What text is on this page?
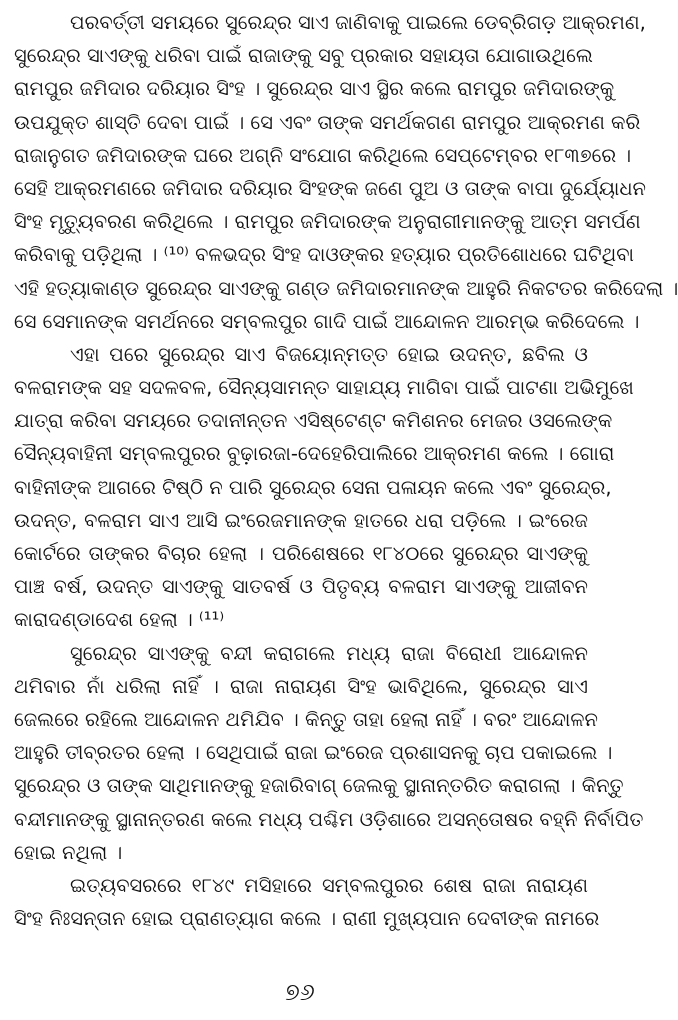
ପରବର୍ତ୍ତୀ ସମୟରେ ସୁରେନ୍ଦ୍ର ସାଏ ଜାଣିବାକୁ ପାଇଲେ ଡେବ୍ରିଗଡ଼ ଆକ୍ରମଣ,
ସୁରେନ୍ଦ୍ର ସାଏଙ୍କୁ ଧରିବା ପାଇଁ ରାଜାଙ୍କୁ ସବୁ ପ୍ରକାର ସହାୟତା ଯୋଗାଉଥିଲେ
ରାମପୁର ଜମିଦାର ଦରିୟାର ସିଂହ । ସୁରେନ୍ଦ୍ର ସାଏ ସ୍ଥିର କଲେ ରାମପୁର ଜମିଦାରଙ୍କୁ
ଉପଯୁକ୍ତ ଶାସ୍ତି ଦେବା ପାଇଁ । ସେ ଏବଂ ତାଙ୍କ ସମର୍ଥକଗଣ ରାମପୁର ଆକ୍ରମଣ କରି
ରାଜାନୁଗତ ଜମିଦାରଙ୍କ ଘରେ ଅଗ୍ନି ସଂଯୋଗ କରିଥିଲେ ସେପ୍ଟେମ୍ବର ୧୮୩୭ରେ ।
ସେହି ଆକ୍ରମଣରେ ଜମିଦାର ଦରିୟାର ସିଂହଙ୍କ ଜଣେ ପୁଅ ଓ ତାଙ୍କ ବାପା ଦୁର୍ଯ୍ୟୋଧନ
ସିଂହ ମୃତ୍ୟୁବରଣ କରିଥିଲେ । ରାମପୁର ଜମିଦାରଙ୍କ ଅନୁରାଗୀମାନଙ୍କୁ ଆତ୍ମ ସମର୍ପଣ
କରିବାକୁ ପଡ଼ିଥିଲା । ⁽¹⁰⁾ ବଳଭଦ୍ର ସିଂହ ଦାଓଙ୍କର ହତ୍ୟାର ପ୍ରତିଶୋଧରେ ଘଟିଥିବା
ଏହି ହତ୍ୟାକାଣ୍ଡ ସୁରେନ୍ଦ୍ର ସାଏଙ୍କୁ ଗଣ୍ଡ ଜମିଦାରମାନଙ୍କ ଆହୁରି ନିକଟତର କରିଦେଲା ।
ସେ ସେମାନଙ୍କ ସମର୍ଥନରେ ସମ୍ବଲପୁର ଗାଦି ପାଇଁ ଆନ୍ଦୋଳନ ଆରମ୍ଭ କରିଦେଲେ ।
ଏହା ପରେ ସୁରେନ୍ଦ୍ର ସାଏ ବିଜୟୋନ୍ମତ୍ତ ହୋଇ ଉଦନ୍ତ, ଛବିଲ ଓ
ବଳରାମଙ୍କ ସହ ସଦଳବଳ, ସୈନ୍ୟସାମନ୍ତ ସାହାଯ୍ୟ ମାଗିବା ପାଇଁ ପାଟଣା ଅଭିମୁଖେ
ଯାତ୍ରା କରିବା ସମୟରେ ତଦାନୀନ୍ତନ ଏସିଷ୍ଟେଣ୍ଟ କମିଶନର ମେଜର ଓସଲେଙ୍କ
ସୈନ୍ୟବାହିନୀ ସମ୍ବଲପୁରର ବୁଢ଼ାରଜା-ଦେହେରିପାଲିରେ ଆକ୍ରମଣ କଲେ । ଗୋରା
ବାହିନୀଙ୍କ ଆଗରେ ଟିଷ୍ଠି ନ ପାରି ସୁରେନ୍ଦ୍ର ସେନା ପଳାୟନ କଲେ ଏବଂ ସୁରେନ୍ଦ୍ର,
ଉଦନ୍ତ, ବଳରାମ ସାଏ ଆସି ଇଂରେଜମାନଙ୍କ ହାତରେ ଧରା ପଡ଼ିଲେ । ଇଂରେଜ
କୋର୍ଟରେ ତାଙ୍କର ବିଚାର ହେଲା । ପରିଶେଷରେ ୧୮୪୦ରେ ସୁରେନ୍ଦ୍ର ସାଏଙ୍କୁ
ପାଞ୍ଚ ବର୍ଷ, ଉଦନ୍ତ ସାଏଙ୍କୁ ସାତବର୍ଷ ଓ ପିତୃବ୍ୟ ବଳରାମ ସାଏଙ୍କୁ ଆଜୀବନ
କାରାଦଣ୍ଡାଦେଶ ହେଲା । ⁽¹¹⁾
ସୁରେନ୍ଦ୍ର ସାଏଙ୍କୁ ବନ୍ଦୀ କରାଗଲେ ମଧ୍ୟ ରାଜା ବିରୋଧୀ ଆନ୍ଦୋଳନ
ଥମିବାର ନାଁ ଧରିଲା ନାହିଁ । ରାଜା ନାରାୟଣ ସିଂହ ଭାବିଥିଲେ, ସୁରେନ୍ଦ୍ର ସାଏ
ଜେଲରେ ରହିଲେ ଆନ୍ଦୋଳନ ଥମିଯିବ । କିନ୍ତୁ ତାହା ହେଲା ନାହିଁ । ବରଂ ଆନ୍ଦୋଳନ
ଆହୁରି ତୀବ୍ରତର ହେଲା । ସେଥିପାଇଁ ରାଜା ଇଂରେଜ ପ୍ରଶାସନକୁ ଚାପ ପକାଇଲେ ।
ସୁରେନ୍ଦ୍ର ଓ ତାଙ୍କ ସାଥିମାନଙ୍କୁ ହଜାରିବାଗ୍ ଜେଲକୁ ସ୍ଥାନାନ୍ତରିତ କରାଗଲା । କିନ୍ତୁ
ବନ୍ଦୀମାନଙ୍କୁ ସ୍ଥାନାନ୍ତରଣ କଲେ ମଧ୍ୟ ପଶ୍ଚିମ ଓଡ଼ିଶାରେ ଅସନ୍ତୋଷର ବହ୍ନି ନିର୍ବାପିତ
ହୋଇ ନଥିଲା ।
ଇତ୍ୟବସରରେ ୧୮୪୯ ମସିହାରେ ସମ୍ବଲପୁରର ଶେଷ ରାଜା ନାରାୟଣ
ସିଂହ ନିଃସନ୍ତାନ ହୋଇ ପ୍ରାଣତ୍ୟାଗ କଲେ । ରାଣୀ ମୁଖ୍ୟପାନ ଦେବୀଙ୍କ ନାମରେ
୭୬
